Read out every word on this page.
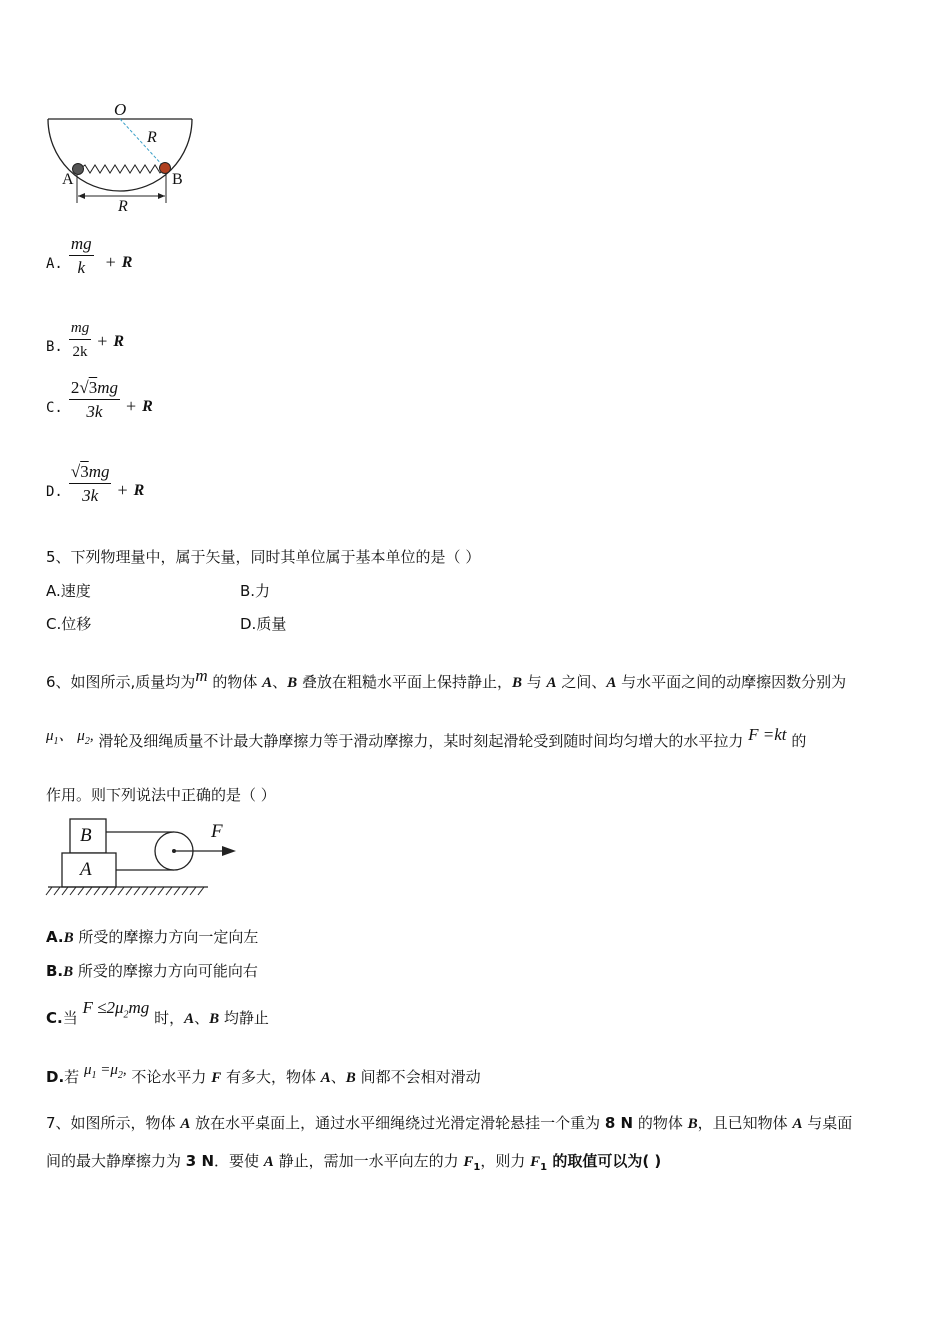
O
R
A	B
R
A. $\frac{mg}{k} + R$
B. $\frac{mg}{2k} + R$
C. $\frac{2√3mg}{3k} + R$
D. $\frac{√3mg}{3k} + R$
5、下列物理量中，属于矢量，同时其单位属于基本单位的是（ ）
A.速度	B.力
C.位移	D.质量
6、如图所示,质量均为m 的物体 A、B 叠放在粗糙水平面上保持静止，B 与 A 之间、A 与水平面之间的动摩擦因数分别为
$\mu_1$、 $\mu_2$, 滑轮及细绳质量不计最大静摩擦力等于滑动摩擦力，某时刻起滑轮受到随时间均匀增大的水平拉力 F =kt 的
作用。则下列说法中正确的是（ ）
B
A
F
A.B 所受的摩擦力方向一定向左
B.B 所受的摩擦力方向可能向右
C.当 $F \le 2\mu_2mg$ 时，A、B 均静止
D.若 $\mu_1 =\mu_2$, 不论水平力 F 有多大，物体 A、B 间都不会相对滑动
7、如图所示，物体 A 放在水平桌面上，通过水平细绳绕过光滑定滑轮悬挂一个重为 8 N 的物体 B，且已知物体 A 与桌面
间的最大静摩擦力为 3 N．要使 A 静止，需加一水平向左的力 $F_1$，则力 $F_1$ 的取值可以为( )
